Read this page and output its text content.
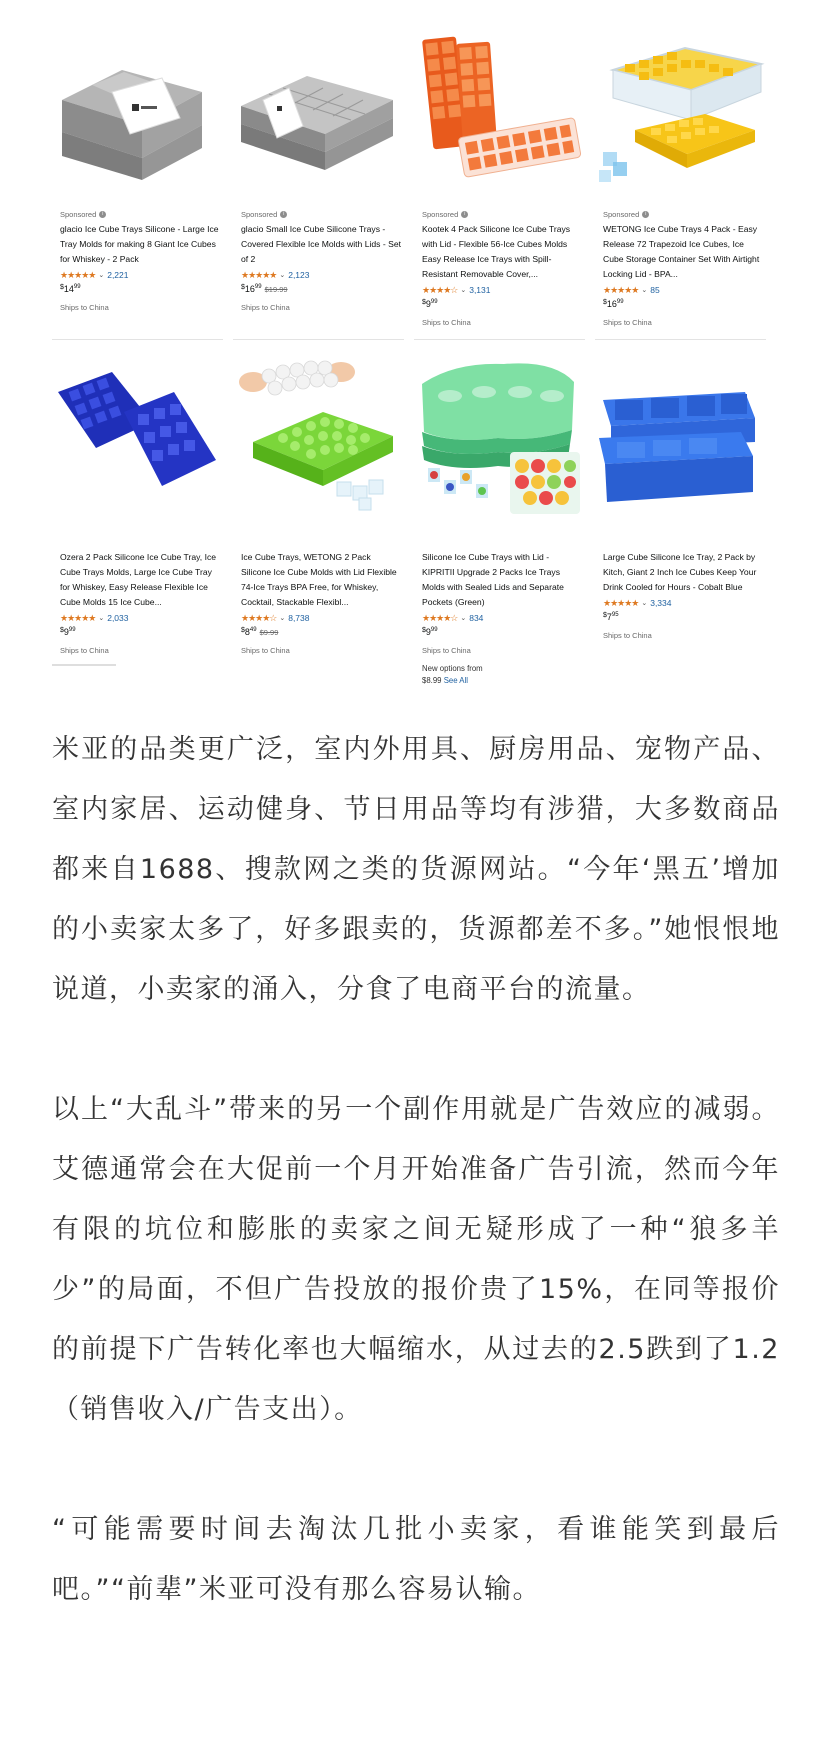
Sponsored	i
glacio Ice Cube Trays Silicone - Large Ice Tray Molds for making 8 Giant Ice Cubes for Whiskey - 2 Pack
★★★★★ ⌄ 2,221
$^{\$}14^{99}$
Ships to China
Sponsored	i
glacio Small Ice Cube Silicone Trays - Covered Flexible Ice Molds with Lids - Set of 2
★★★★★ ⌄ 2,123
$^{\$}16^{99}$ $19.99
Ships to China
Sponsored	i
Kootek 4 Pack Silicone Ice Cube Trays with Lid - Flexible 56-Ice Cubes Molds Easy Release Ice Trays with Spill-Resistant Removable Cover,...
★★★★☆ ⌄ 3,131
$^{\$}9^{99}$
Ships to China
Sponsored	i
WETONG Ice Cube Trays 4 Pack - Easy Release 72 Trapezoid Ice Cubes, Ice Cube Storage Container Set With Airtight Locking Lid - BPA...
★★★★★ ⌄ 85
$^{\$}16^{99}$
Ships to China
Ozera 2 Pack Silicone Ice Cube Tray, Ice Cube Trays Molds, Large Ice Cube Tray for Whiskey, Easy Release Flexible Ice Cube Molds 15 Ice Cube...
★★★★★ ⌄ 2,033
$^{\$}9^{99}$
Ships to China
Ice Cube Trays, WETONG 2 Pack Silicone Ice Cube Molds with Lid Flexible 74-Ice Trays BPA Free, for Whiskey, Cocktail, Stackable Flexibl...
★★★★☆ ⌄ 8,738
$^{\$}8^{49}$ $9.99
Ships to China
Silicone Ice Cube Trays with Lid - KIPRITII Upgrade 2 Packs Ice Trays Molds with Sealed Lids and Separate Pockets (Green)
★★★★☆ ⌄ 834
$^{\$}9^{99}$
Ships to China
New options from
$8.99 See All
Large Cube Silicone Ice Tray, 2 Pack by Kitch, Giant 2 Inch Ice Cubes Keep Your Drink Cooled for Hours - Cobalt Blue
★★★★★ ⌄ 3,334
$^{\$}7^{95}$
Ships to China

米亚的品类更广泛，室内外用具、厨房用品、宠物产品、室内家居、运动健身、节日用品等均有涉猎，大多数商品都来自1688、搜款网之类的货源网站。“今年‘黑五’增加的小卖家太多了，好多跟卖的，货源都差不多。”她恨恨地说道，小卖家的涌入，分食了电商平台的流量。

以上“大乱斗”带来的另一个副作用就是广告效应的减弱。艾德通常会在大促前一个月开始准备广告引流，然而今年有限的坑位和膨胀的卖家之间无疑形成了一种“狼多羊少”的局面，不但广告投放的报价贵了15%，在同等报价的前提下广告转化率也大幅缩水，从过去的2.5跌到了1.2（销售收入/广告支出）。

“可能需要时间去淘汰几批小卖家，看谁能笑到最后吧。”“前辈”米亚可没有那么容易认输。
